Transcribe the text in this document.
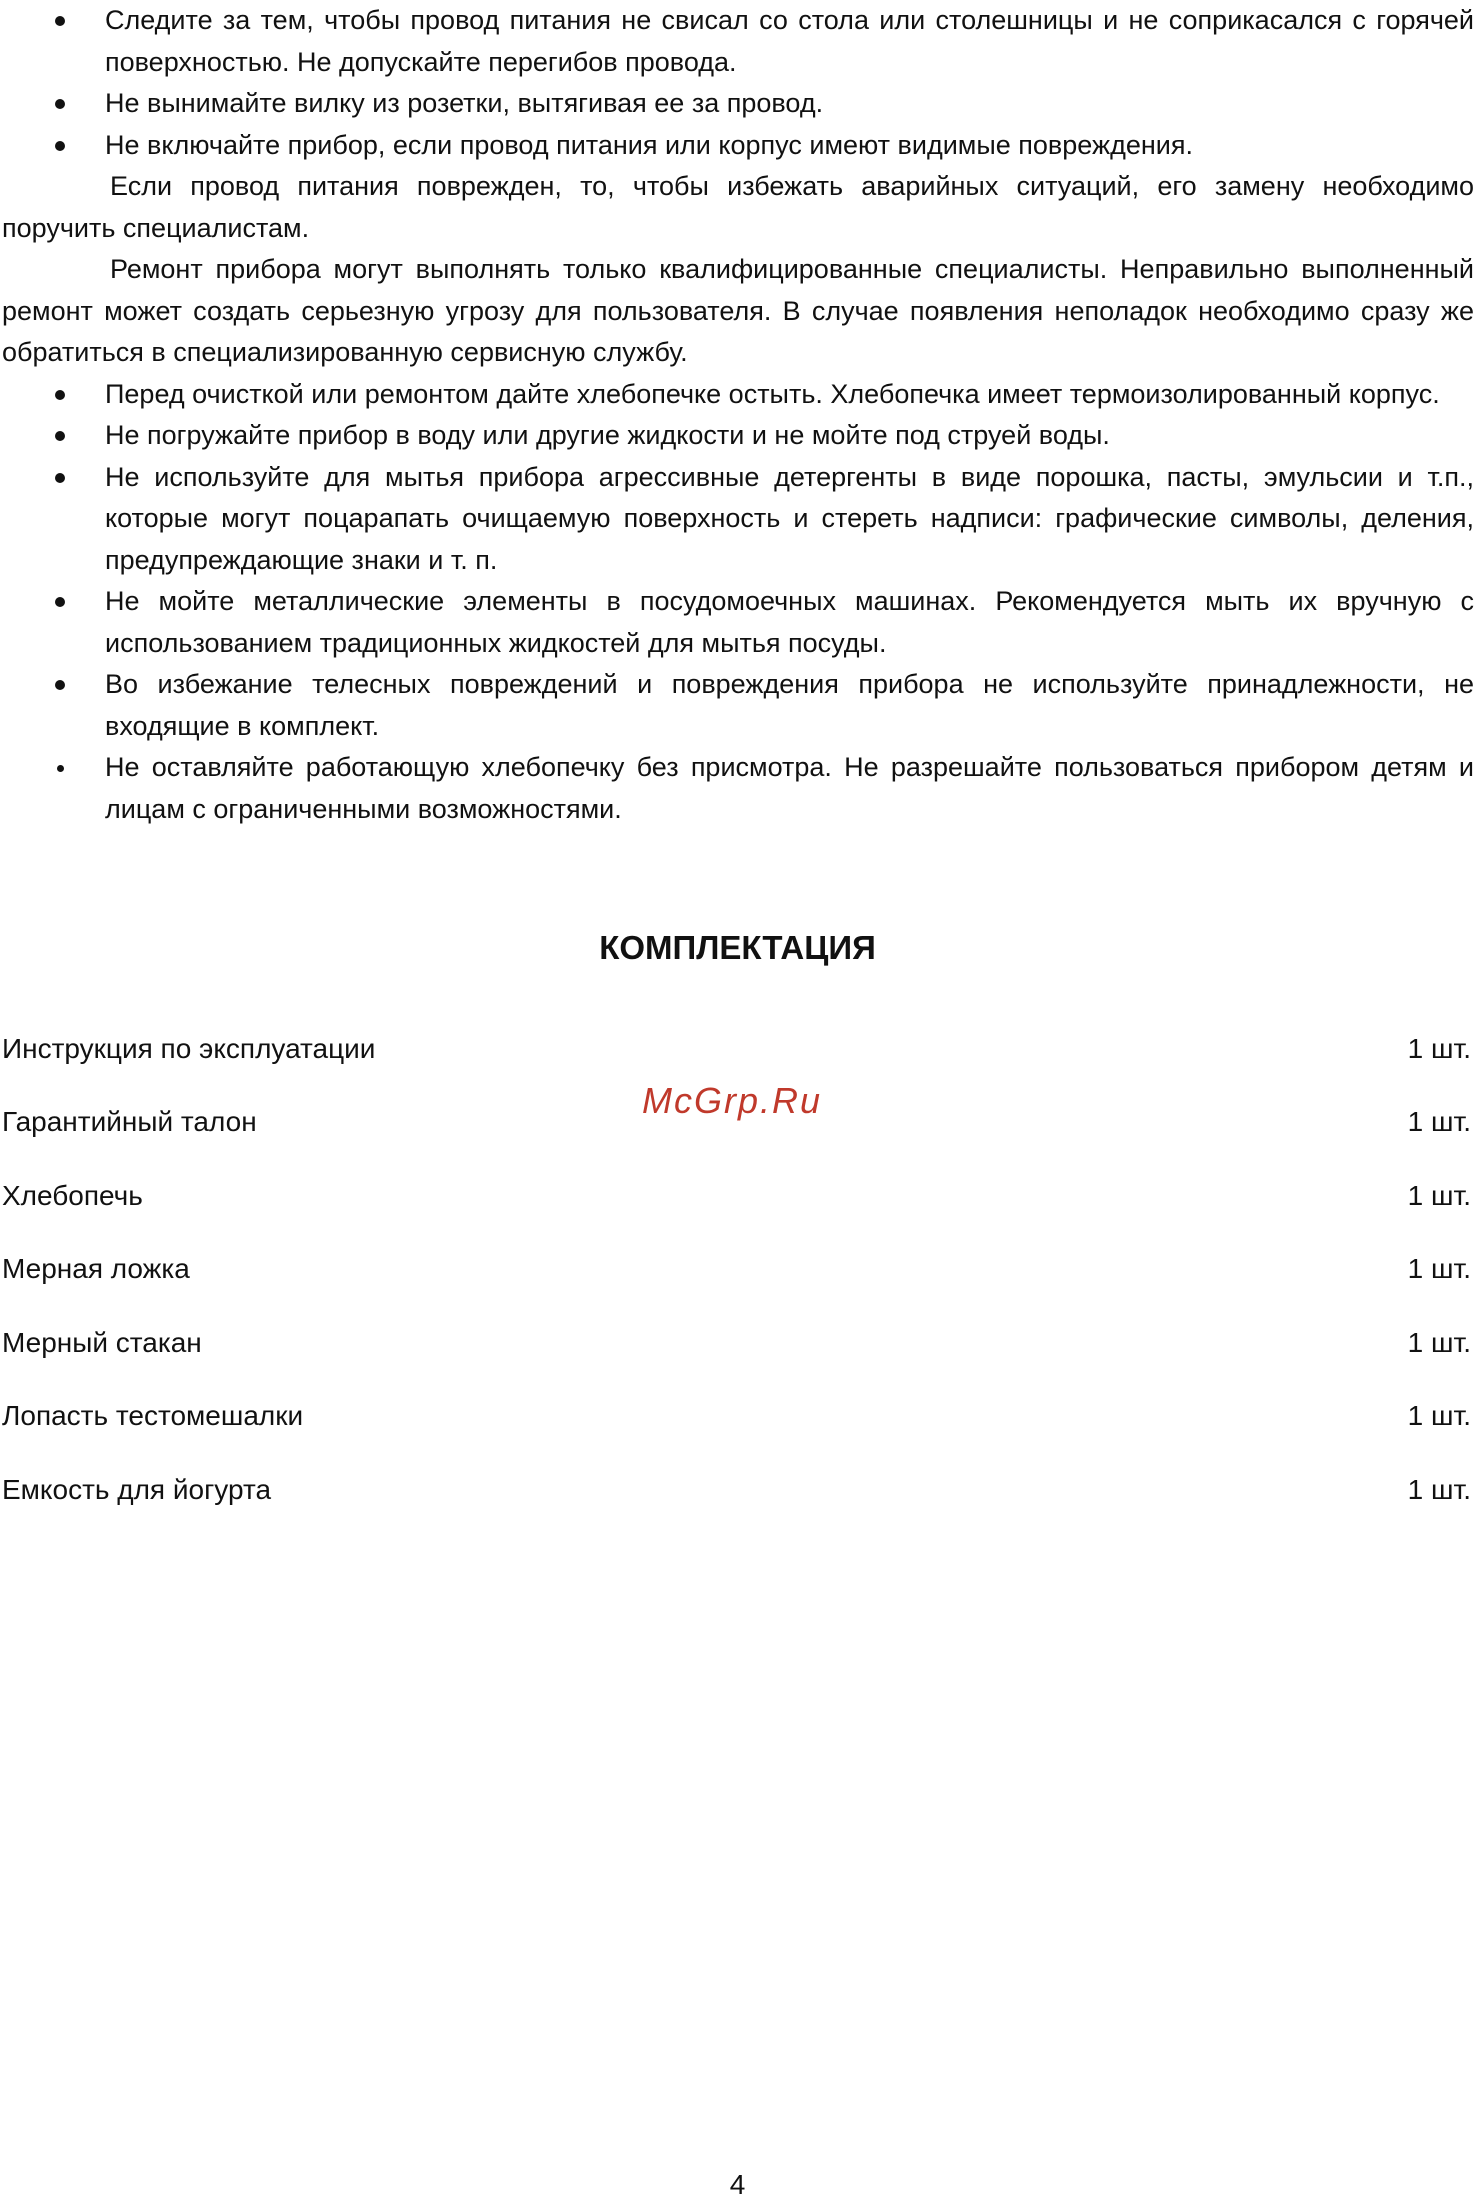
Следите за тем, чтобы провод питания не свисал со стола или столешницы и не соприкасался с горячей поверхностью. Не допускайте перегибов провода.
Не вынимайте вилку из розетки, вытягивая ее за провод.
Не включайте прибор, если провод питания или корпус имеют видимые повреждения.
Если провод питания поврежден, то, чтобы избежать аварийных ситуаций, его замену необходимо поручить специалистам.
Ремонт прибора могут выполнять только квалифицированные специалисты. Неправильно выполненный ремонт может создать серьезную угрозу для пользователя. В случае появления неполадок необходимо сразу же обратиться в специализированную сервисную службу.
Перед очисткой или ремонтом дайте хлебопечке остыть. Хлебопечка имеет термоизолированный корпус.
Не погружайте прибор в воду или другие жидкости и не мойте под струей воды.
Не используйте для мытья прибора агрессивные детергенты в виде порошка, пасты, эмульсии и т.п., которые могут поцарапать очищаемую поверхность и стереть надписи: графические символы, деления, предупреждающие знаки и т. п.
Не мойте металлические элементы в посудомоечных машинах. Рекомендуется мыть их вручную с использованием традиционных жидкостей для мытья посуды.
Во избежание телесных повреждений и повреждения прибора не используйте принадлежности, не входящие в комплект.
Не оставляйте работающую хлебопечку без присмотра. Не разрешайте пользоваться прибором детям и лицам с ограниченными возможностями.
КОМПЛЕКТАЦИЯ
McGrp.Ru
Инструкция по эксплуатации	1 шт.
Гарантийный талон	1 шт.
Хлебопечь	1 шт.
Мерная ложка	1 шт.
Мерный стакан	1 шт.
Лопасть тестомешалки	1 шт.
Емкость для йогурта	1 шт.
4
